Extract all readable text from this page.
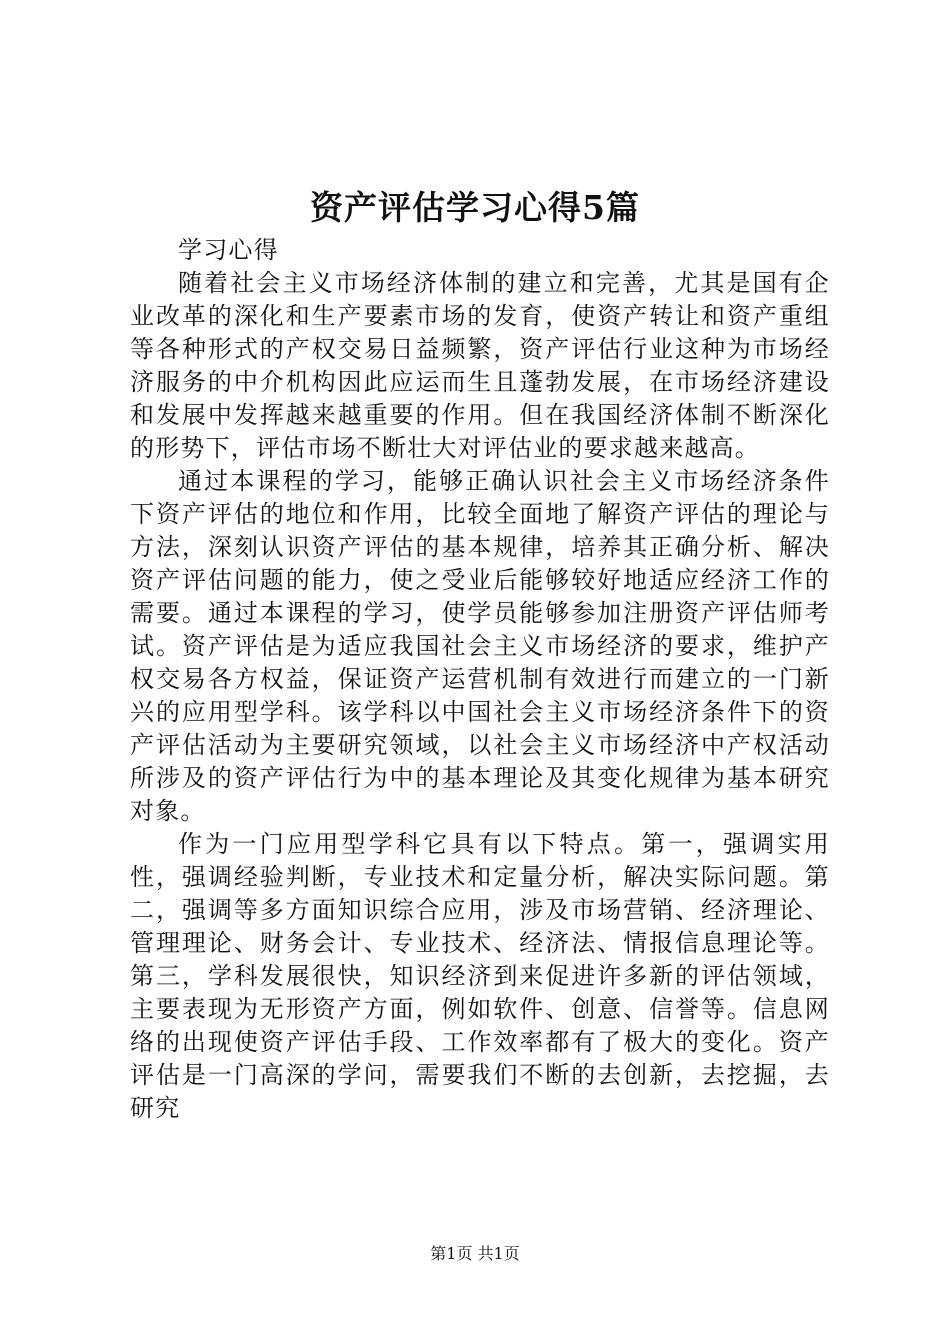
资产评估学习心得5篇

学习心得

随着社会主义市场经济体制的建立和完善，尤其是国有企业改革的深化和生产要素市场的发育，使资产转让和资产重组等各种形式的产权交易日益频繁，资产评估行业这种为市场经济服务的中介机构因此应运而生且蓬勃发展，在市场经济建设和发展中发挥越来越重要的作用。但在我国经济体制不断深化的形势下，评估市场不断壮大对评估业的要求越来越高。

通过本课程的学习，能够正确认识社会主义市场经济条件下资产评估的地位和作用，比较全面地了解资产评估的理论与方法，深刻认识资产评估的基本规律，培养其正确分析、解决资产评估问题的能力，使之受业后能够较好地适应经济工作的需要。通过本课程的学习，使学员能够参加注册资产评估师考试。资产评估是为适应我国社会主义市场经济的要求，维护产权交易各方权益，保证资产运营机制有效进行而建立的一门新兴的应用型学科。该学科以中国社会主义市场经济条件下的资产评估活动为主要研究领域，以社会主义市场经济中产权活动所涉及的资产评估行为中的基本理论及其变化规律为基本研究对象。

作为一门应用型学科它具有以下特点。第一，强调实用性，强调经验判断，专业技术和定量分析，解决实际问题。第二，强调等多方面知识综合应用，涉及市场营销、经济理论、管理理论、财务会计、专业技术、经济法、情报信息理论等。第三，学科发展很快，知识经济到来促进许多新的评估领域，主要表现为无形资产方面，例如软件、创意、信誉等。信息网络的出现使资产评估手段、工作效率都有了极大的变化。资产评估是一门高深的学问，需要我们不断的去创新，去挖掘，去研究

第1页 共1页
